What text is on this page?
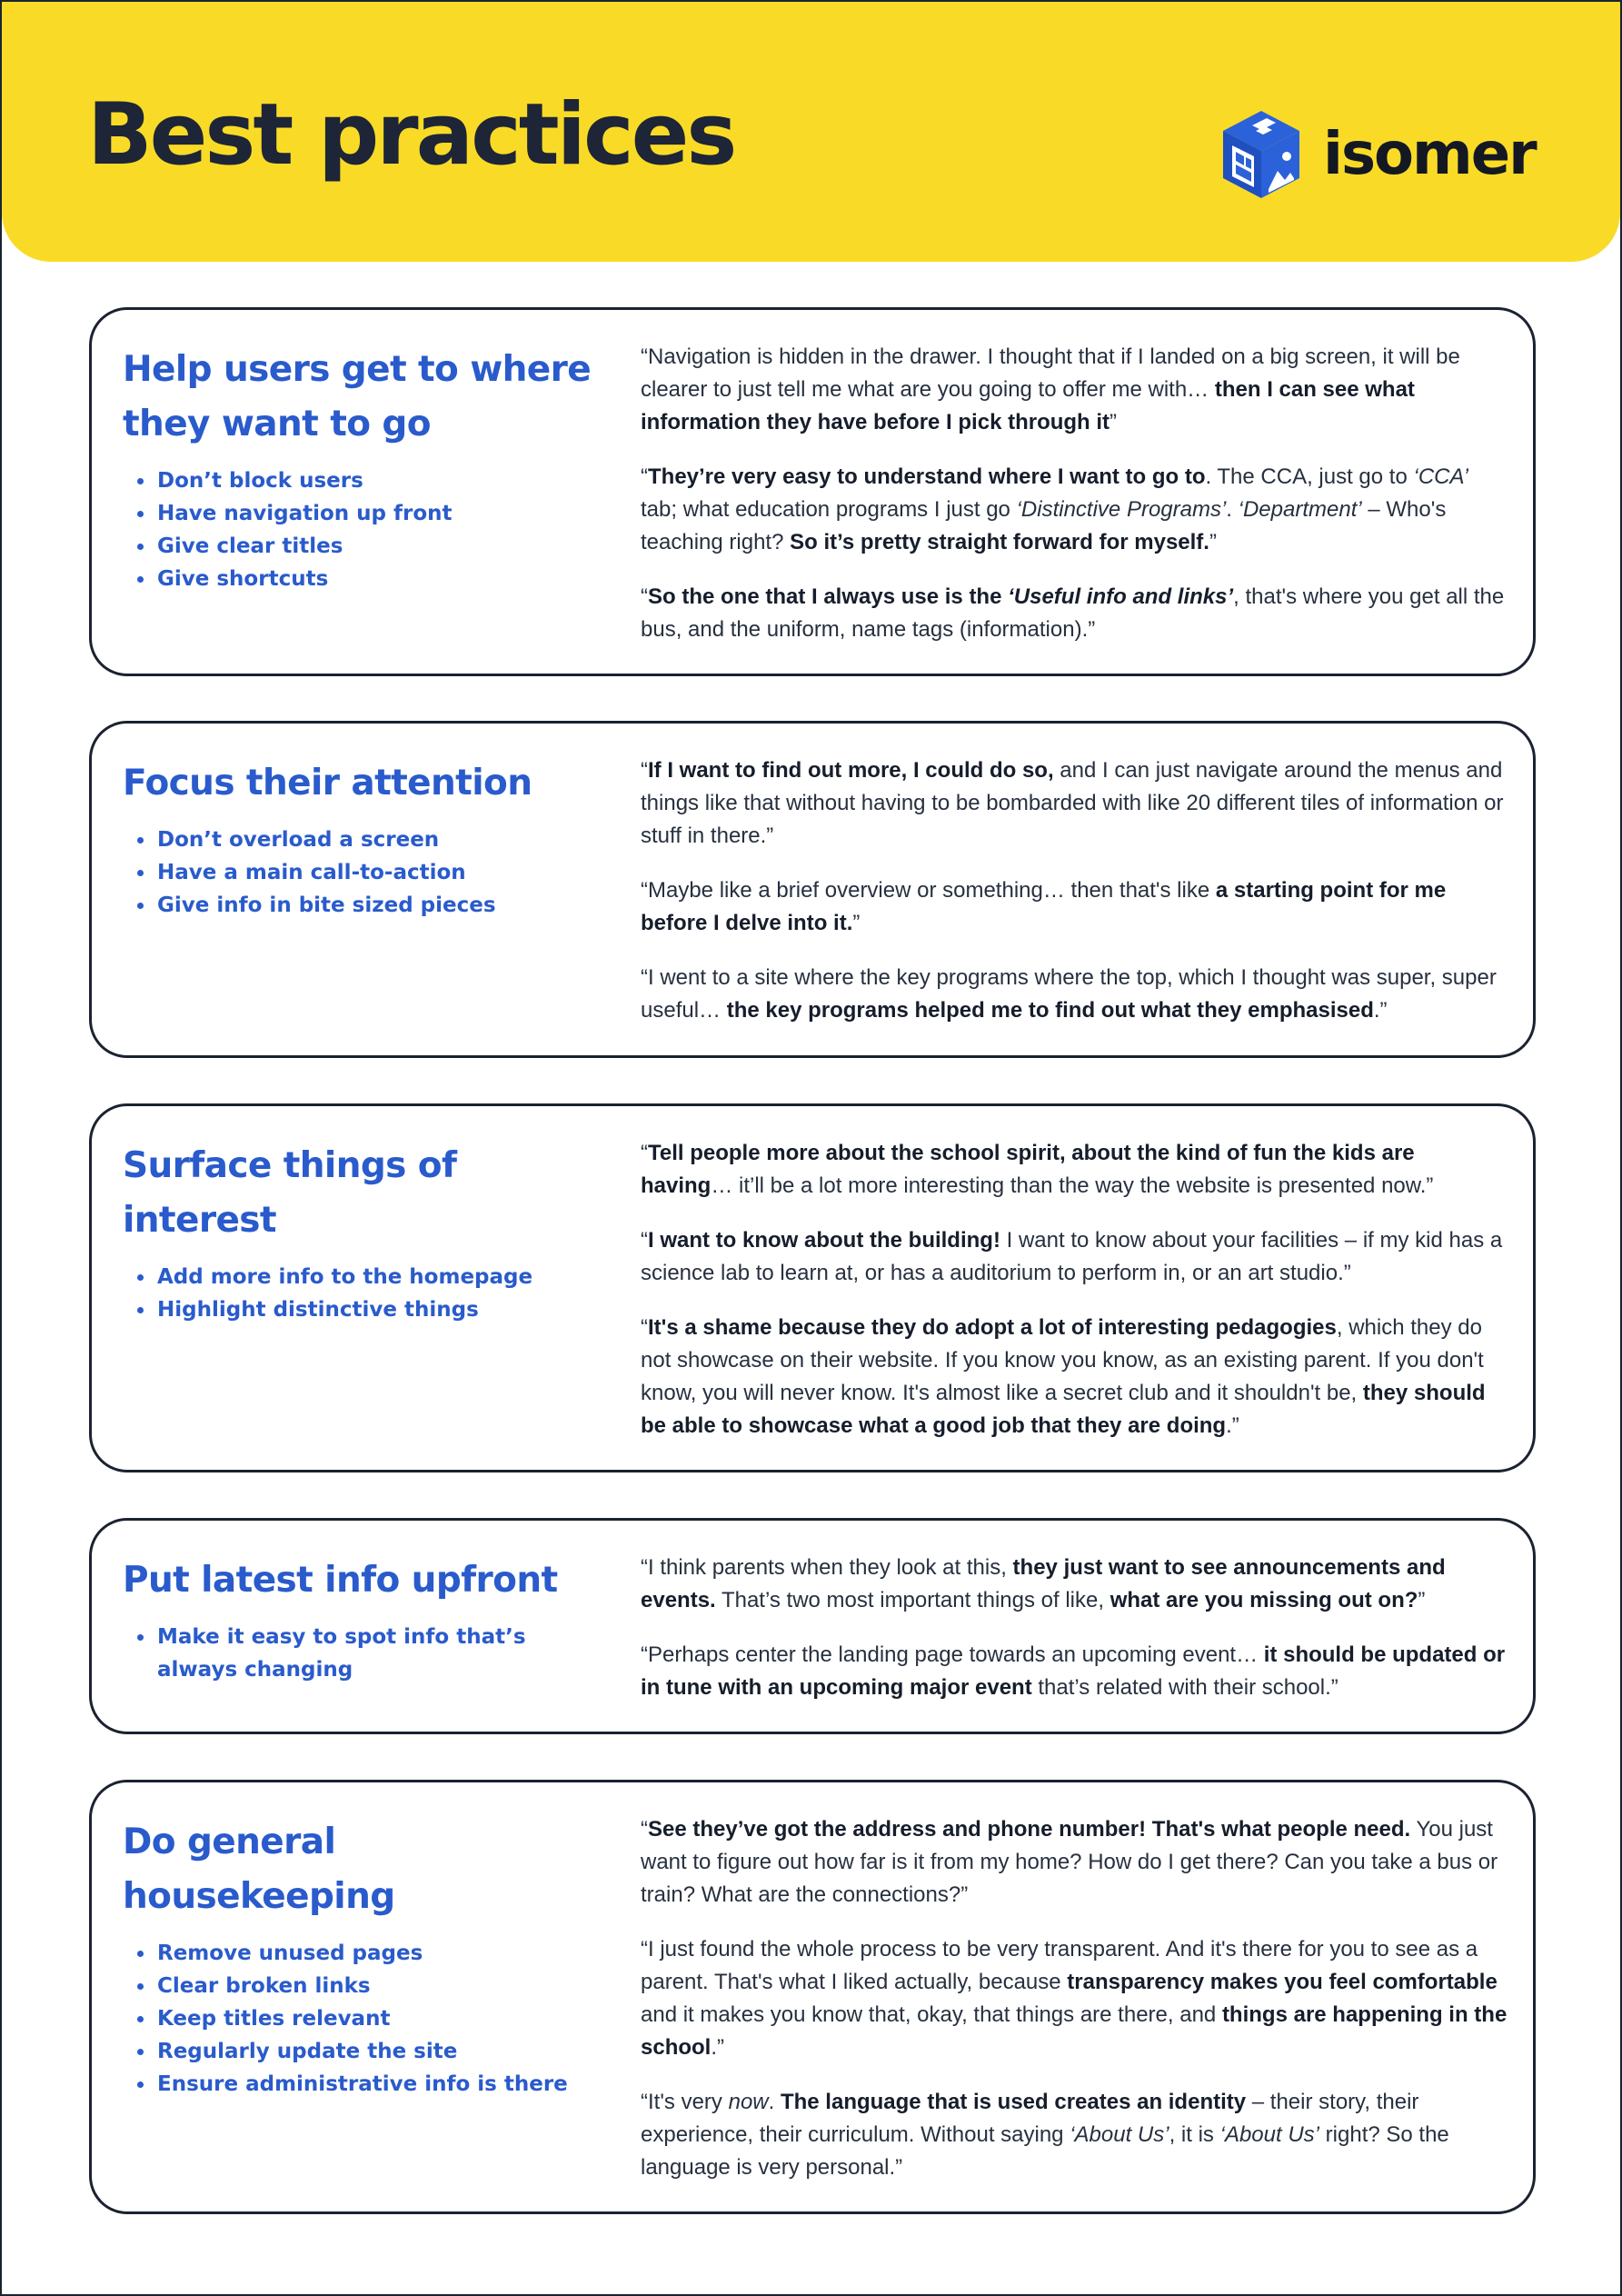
Best practices	isomer
Help users get to where they want to go
• Don’t block users
• Have navigation up front
• Give clear titles
• Give shortcuts

“Navigation is hidden in the drawer. I thought that if I landed on a big screen, it will be clearer to just tell me what are you going to offer me with… then I can see what information they have before I pick through it”

“They’re very easy to understand where I want to go to. The CCA, just go to ‘CCA’ tab; what education programs I just go ‘Distinctive Programs’. ‘Department’ – Who's teaching right? So it’s pretty straight forward for myself.”

“So the one that I always use is the ‘Useful info and links’, that's where you get all the bus, and the uniform, name tags (information).”

Focus their attention
• Don’t overload a screen
• Have a main call-to-action
• Give info in bite sized pieces

“If I want to find out more, I could do so, and I can just navigate around the menus and things like that without having to be bombarded with like 20 different tiles of information or stuff in there.”

“Maybe like a brief overview or something… then that's like a starting point for me before I delve into it.”

“I went to a site where the key programs where the top, which I thought was super, super useful… the key programs helped me to find out what they emphasised.”

Surface things of interest
• Add more info to the homepage
• Highlight distinctive things

“Tell people more about the school spirit, about the kind of fun the kids are having… it’ll be a lot more interesting than the way the website is presented now.”

“I want to know about the building! I want to know about your facilities – if my kid has a science lab to learn at, or has a auditorium to perform in, or an art studio.”

“It's a shame because they do adopt a lot of interesting pedagogies, which they do not showcase on their website. If you know you know, as an existing parent. If you don't know, you will never know. It's almost like a secret club and it shouldn't be, they should be able to showcase what a good job that they are doing.”

Put latest info upfront
• Make it easy to spot info that’s always changing

“I think parents when they look at this, they just want to see announcements and events. That’s two most important things of like, what are you missing out on?”

“Perhaps center the landing page towards an upcoming event… it should be updated or in tune with an upcoming major event that’s related with their school.”

Do general housekeeping
• Remove unused pages
• Clear broken links
• Keep titles relevant
• Regularly update the site
• Ensure administrative info is there

“See they’ve got the address and phone number! That's what people need. You just want to figure out how far is it from my home? How do I get there? Can you take a bus or train? What are the connections?”

“I just found the whole process to be very transparent. And it's there for you to see as a parent. That's what I liked actually, because transparency makes you feel comfortable and it makes you know that, okay, that things are there, and things are happening in the school.”

“It's very now. The language that is used creates an identity – their story, their experience, their curriculum. Without saying ‘About Us’, it is ‘About Us’ right? So the language is very personal.”
